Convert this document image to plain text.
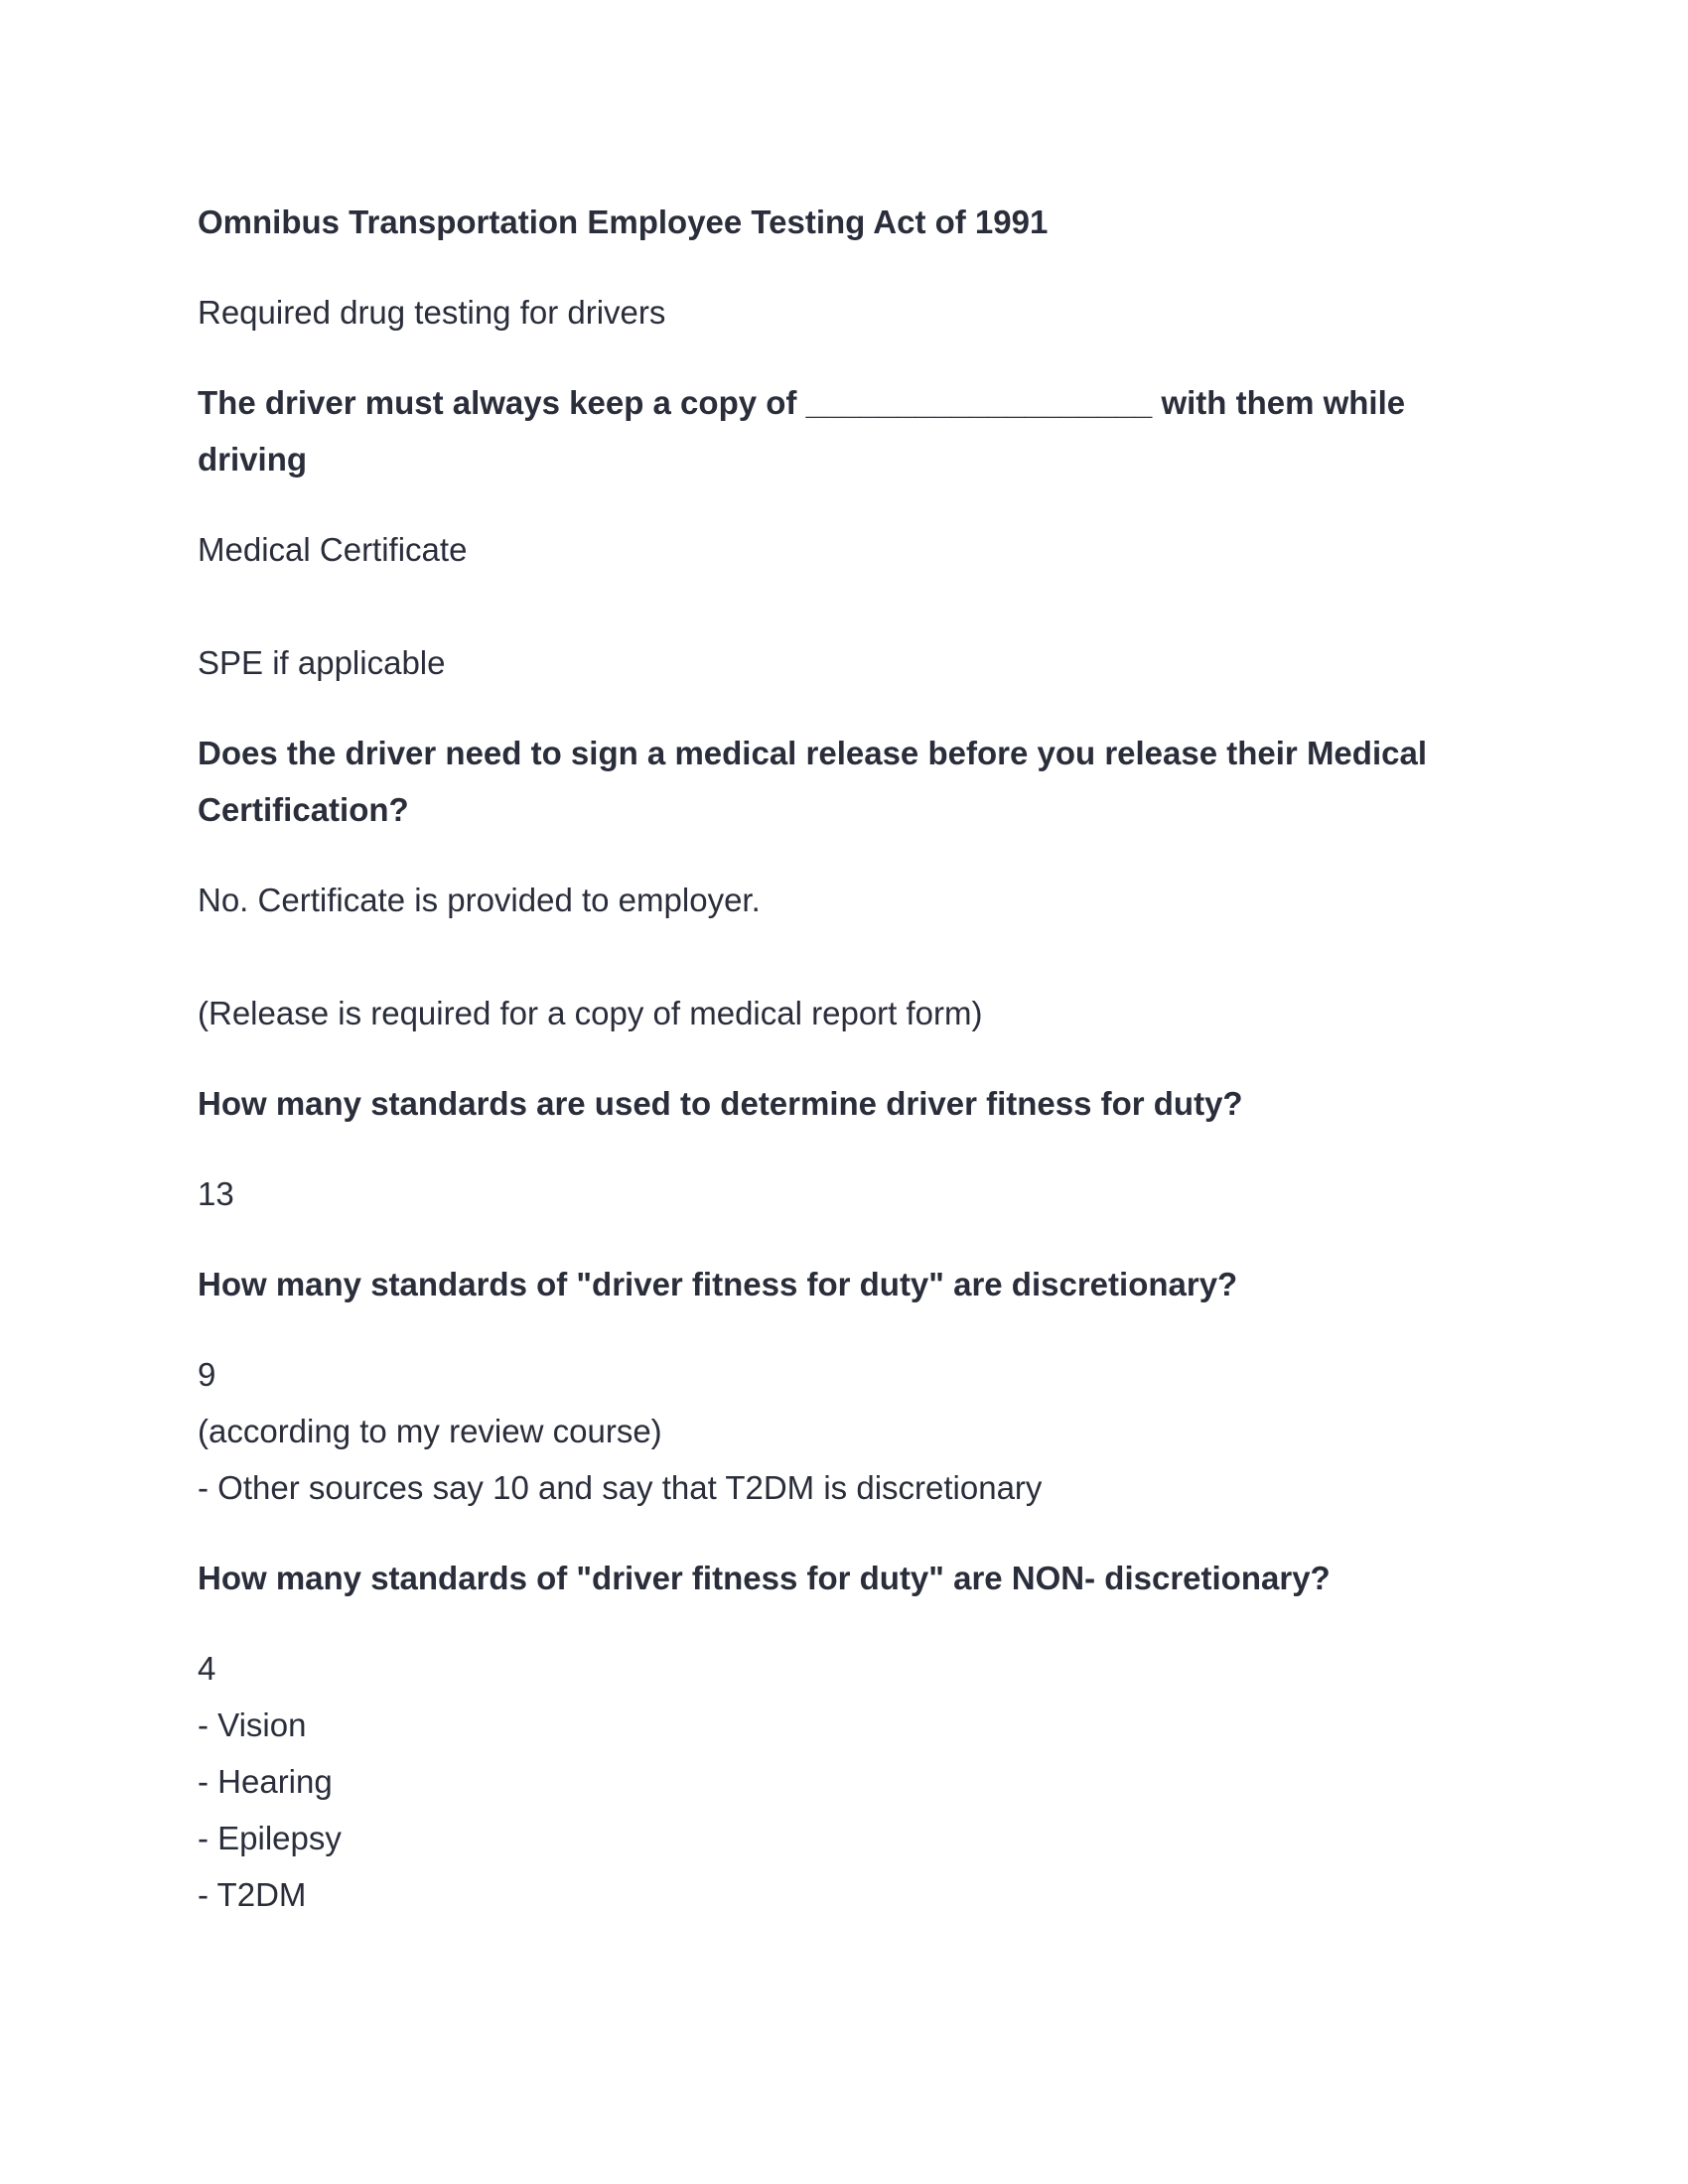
Omnibus Transportation Employee Testing Act of 1991

Required drug testing for drivers

The driver must always keep a copy of ___________________ with them while driving

Medical Certificate

SPE if applicable

Does the driver need to sign a medical release before you release their Medical Certification?

No. Certificate is provided to employer.

(Release is required for a copy of medical report form)

How many standards are used to determine driver fitness for duty?

13

How many standards of "driver fitness for duty" are discretionary?

9

(according to my review course)

- Other sources say 10 and say that T2DM is discretionary

How many standards of "driver fitness for duty" are NON- discretionary?

4

- Vision

- Hearing

- Epilepsy

- T2DM
